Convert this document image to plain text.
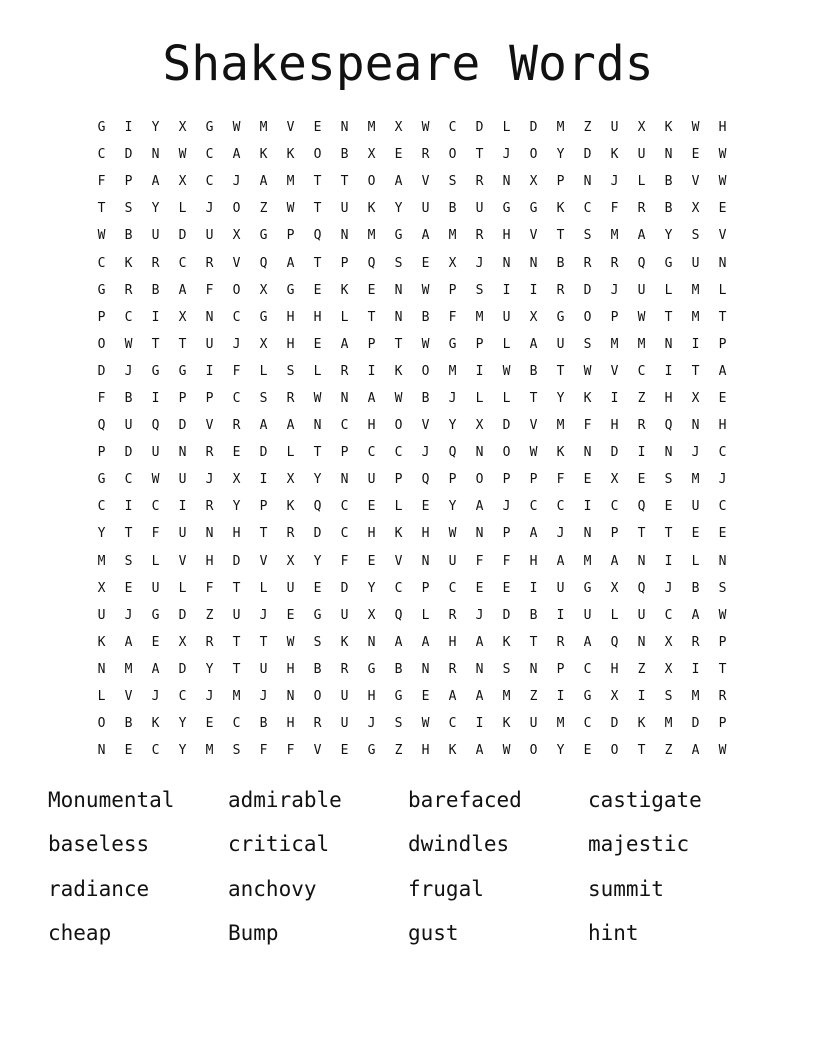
Shakespeare Words
G	I	Y	X	G	W	M	V	E	N	M	X	W	C	D	L	D	M	Z	U	X	K	W	H
C	D	N	W	C	A	K	K	O	B	X	E	R	O	T	J	O	Y	D	K	U	N	E	W
F	P	A	X	C	J	A	M	T	T	O	A	V	S	R	N	X	P	N	J	L	B	V	W
T	S	Y	L	J	O	Z	W	T	U	K	Y	U	B	U	G	G	K	C	F	R	B	X	E
W	B	U	D	U	X	G	P	Q	N	M	G	A	M	R	H	V	T	S	M	A	Y	S	V
C	K	R	C	R	V	Q	A	T	P	Q	S	E	X	J	N	N	B	R	R	Q	G	U	N
G	R	B	A	F	O	X	G	E	K	E	N	W	P	S	I	I	R	D	J	U	L	M	L
P	C	I	X	N	C	G	H	H	L	T	N	B	F	M	U	X	G	O	P	W	T	M	T
O	W	T	T	U	J	X	H	E	A	P	T	W	G	P	L	A	U	S	M	M	N	I	P
D	J	G	G	I	F	L	S	L	R	I	K	O	M	I	W	B	T	W	V	C	I	T	A
F	B	I	P	P	C	S	R	W	N	A	W	B	J	L	L	T	Y	K	I	Z	H	X	E
Q	U	Q	D	V	R	A	A	N	C	H	O	V	Y	X	D	V	M	F	H	R	Q	N	H
P	D	U	N	R	E	D	L	T	P	C	C	J	Q	N	O	W	K	N	D	I	N	J	C
G	C	W	U	J	X	I	X	Y	N	U	P	Q	P	O	P	P	F	E	X	E	S	M	J
C	I	C	I	R	Y	P	K	Q	C	E	L	E	Y	A	J	C	C	I	C	Q	E	U	C
Y	T	F	U	N	H	T	R	D	C	H	K	H	W	N	P	A	J	N	P	T	T	E	E
M	S	L	V	H	D	V	X	Y	F	E	V	N	U	F	F	H	A	M	A	N	I	L	N
X	E	U	L	F	T	L	U	E	D	Y	C	P	C	E	E	I	U	G	X	Q	J	B	S
U	J	G	D	Z	U	J	E	G	U	X	Q	L	R	J	D	B	I	U	L	U	C	A	W
K	A	E	X	R	T	T	W	S	K	N	A	A	H	A	K	T	R	A	Q	N	X	R	P
N	M	A	D	Y	T	U	H	B	R	G	B	N	R	N	S	N	P	C	H	Z	X	I	T
L	V	J	C	J	M	J	N	O	U	H	G	E	A	A	M	Z	I	G	X	I	S	M	R
O	B	K	Y	E	C	B	H	R	U	J	S	W	C	I	K	U	M	C	D	K	M	D	P
N	E	C	Y	M	S	F	F	V	E	G	Z	H	K	A	W	O	Y	E	O	T	Z	A	W
Monumental	admirable	barefaced	castigate
baseless	critical	dwindles	majestic
radiance	anchovy	frugal	summit
cheap	Bump	gust	hint
